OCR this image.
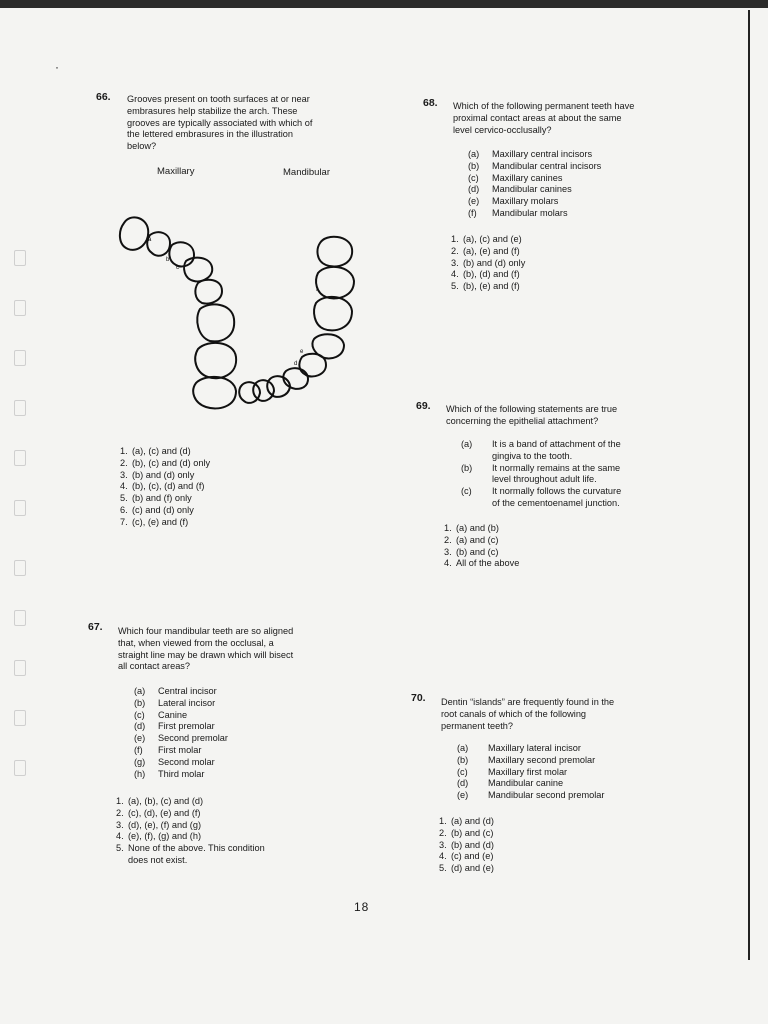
·
66. Grooves present on tooth surfaces at or near
embrasures help stabilize the arch. These
grooves are typically associated with which of
the lettered embrasures in the illustration
below?
Maxillary	Mandibular
a
b
c
f
e
d
1. (a), (c) and (d)
2. (b), (c) and (d) only
3. (b) and (d) only
4. (b), (c), (d) and (f)
5. (b) and (f) only
6. (c) and (d) only
7. (c), (e) and (f)
67. Which four mandibular teeth are so aligned
that, when viewed from the occlusal, a
straight line may be drawn which will bisect
all contact areas?
(a)	Central incisor
(b)	Lateral incisor
(c)	Canine
(d)	First premolar
(e)	Second premolar
(f)	First molar
(g)	Second molar
(h)	Third molar
1. (a), (b), (c) and (d)
2. (c), (d), (e) and (f)
3. (d), (e), (f) and (g)
4. (e), (f), (g) and (h)
5. None of the above. This condition
does not exist.
68. Which of the following permanent teeth have
proximal contact areas at about the same
level cervico-occlusally?
(a)	Maxillary central incisors
(b)	Mandibular central incisors
(c)	Maxillary canines
(d)	Mandibular canines
(e)	Maxillary molars
(f)	Mandibular molars
1. (a), (c) and (e)
2. (a), (e) and (f)
3. (b) and (d) only
4. (b), (d) and (f)
5. (b), (e) and (f)
69. Which of the following statements are true
concerning the epithelial attachment?
(a)	It is a band of attachment of the
gingiva to the tooth.
(b)	It normally remains at the same
level throughout adult life.
(c)	It normally follows the curvature
of the cementoenamel junction.
1. (a) and (b)
2. (a) and (c)
3. (b) and (c)
4. All of the above
70. Dentin “islands” are frequently found in the
root canals of which of the following
permanent teeth?
(a)	Maxillary lateral incisor
(b)	Maxillary second premolar
(c)	Maxillary first molar
(d)	Mandibular canine
(e)	Mandibular second premolar
1. (a) and (d)
2. (b) and (c)
3. (b) and (d)
4. (c) and (e)
5. (d) and (e)
18
